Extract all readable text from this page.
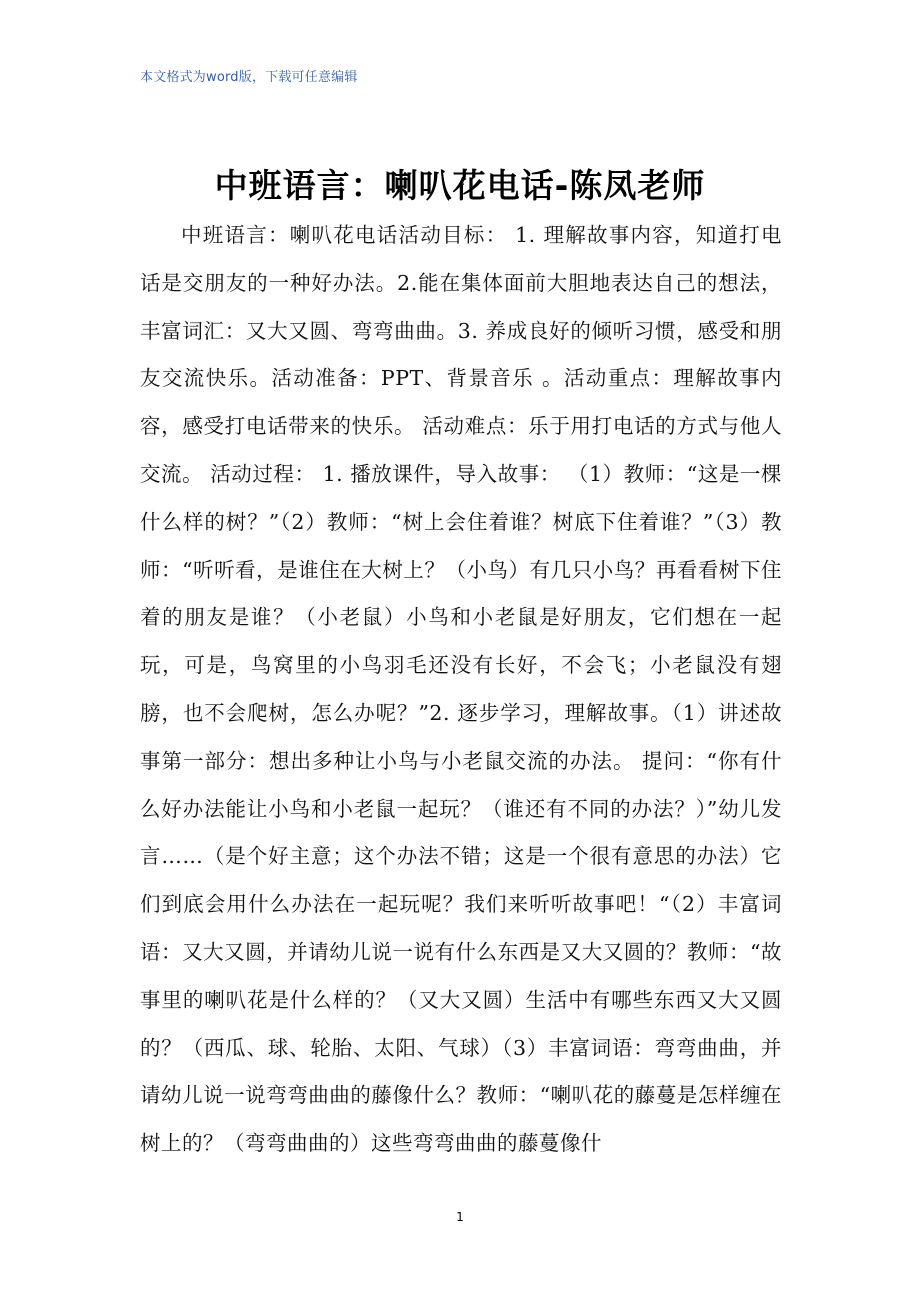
本文格式为word版，下载可任意编辑
中班语言：喇叭花电话-陈凤老师

中班语言：喇叭花电话活动目标： 1. 理解故事内容，知道打电话是交朋友的一种好办法。2.能在集体面前大胆地表达自己的想法，丰富词汇：又大又圆、弯弯曲曲。3. 养成良好的倾听习惯，感受和朋友交流快乐。活动准备：PPT、背景音乐 。活动重点：理解故事内容，感受打电话带来的快乐。 活动难点：乐于用打电话的方式与他人交流。 活动过程： 1. 播放课件，导入故事： （1）教师：“这是一棵什么样的树？”（2）教师：“树上会住着谁？树底下住着谁？”（3）教师：“听听看，是谁住在大树上？（小鸟）有几只小鸟？再看看树下住着的朋友是谁？（小老鼠）小鸟和小老鼠是好朋友，它们想在一起玩，可是，鸟窝里的小鸟羽毛还没有长好，不会飞；小老鼠没有翅膀，也不会爬树，怎么办呢？”2. 逐步学习，理解故事。（1）讲述故事第一部分：想出多种让小鸟与小老鼠交流的办法。 提问：“你有什么好办法能让小鸟和小老鼠一起玩？（谁还有不同的办法？）”幼儿发言……（是个好主意；这个办法不错；这是一个很有意思的办法）它们到底会用什么办法在一起玩呢？我们来听听故事吧！“（2）丰富词语：又大又圆，并请幼儿说一说有什么东西是又大又圆的？教师：“故事里的喇叭花是什么样的？（又大又圆）生活中有哪些东西又大又圆的？（西瓜、球、轮胎、太阳、气球）（3）丰富词语：弯弯曲曲，并请幼儿说一说弯弯曲曲的藤像什么？教师：“喇叭花的藤蔓是怎样缠在树上的？（弯弯曲曲的）这些弯弯曲曲的藤蔓像什

1
